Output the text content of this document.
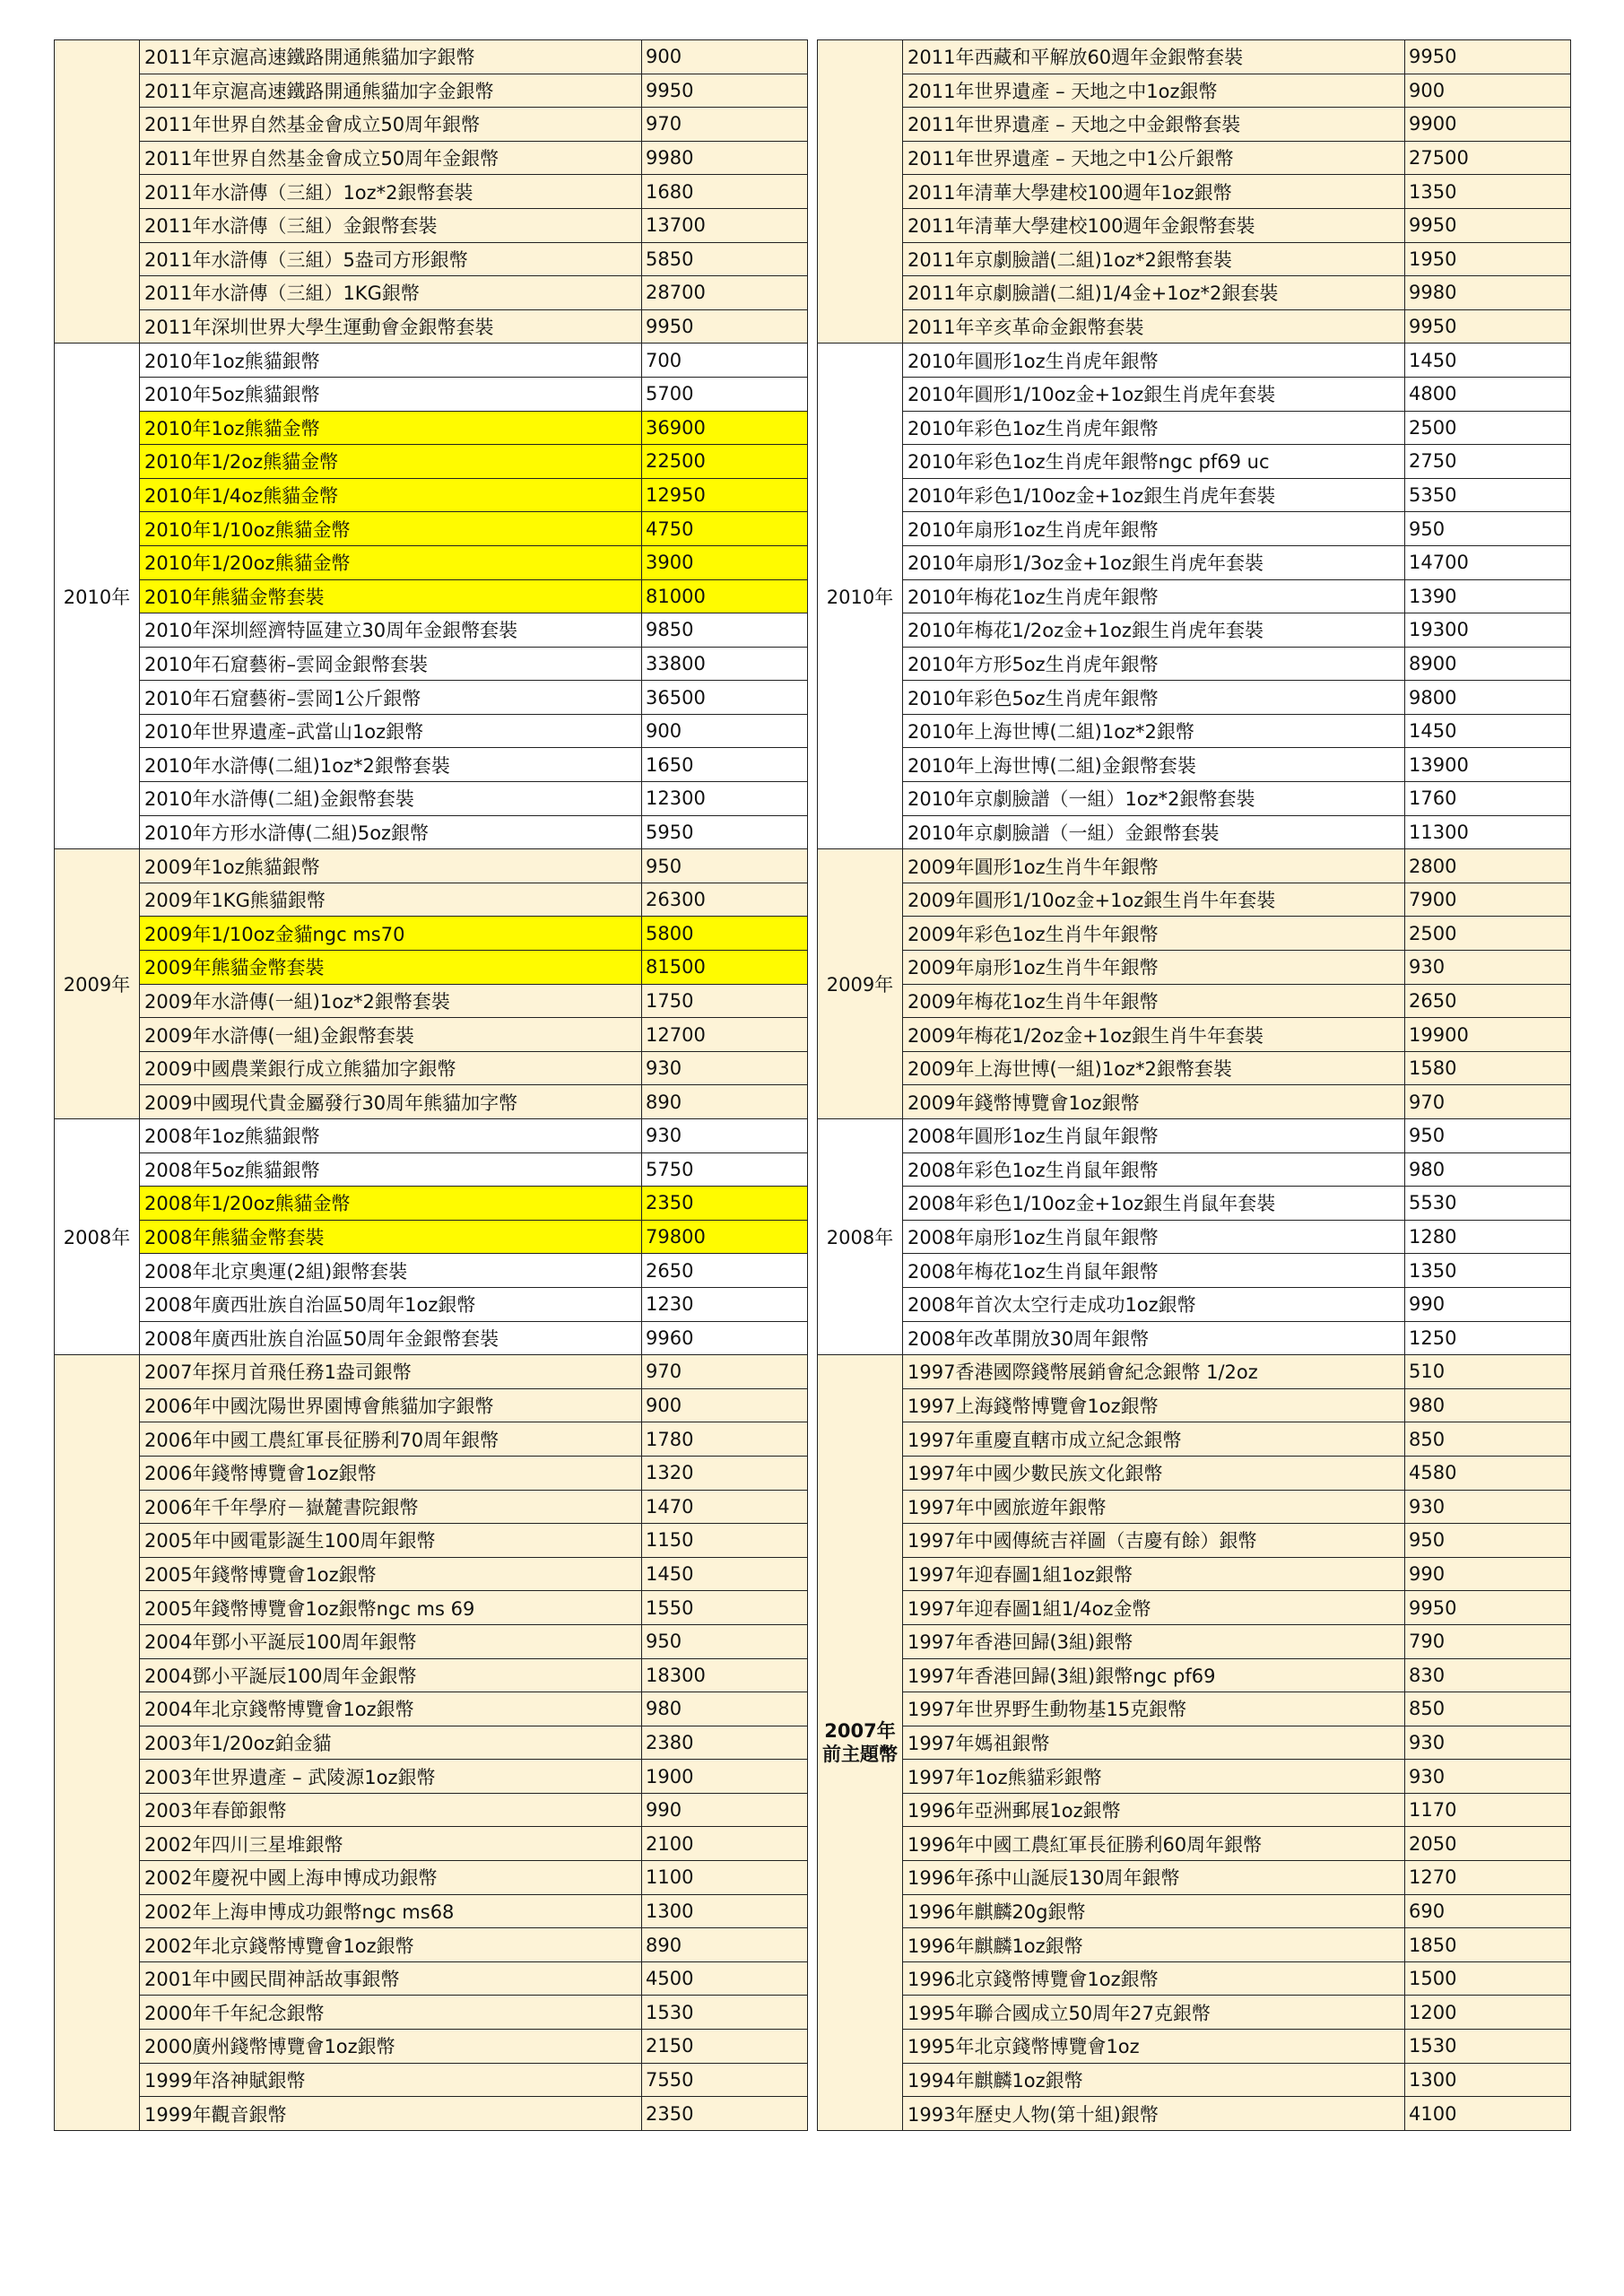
	2011年京滬高速鐵路開通熊貓加字銀幣	900
	2011年京滬高速鐵路開通熊貓加字金銀幣	9950
	2011年世界自然基金會成立50周年銀幣	970
	2011年世界自然基金會成立50周年金銀幣	9980
	2011年水滸傳（三組）1oz*2銀幣套裝	1680
	2011年水滸傳（三組）金銀幣套裝	13700
	2011年水滸傳（三組）5盎司方形銀幣	5850
	2011年水滸傳（三組）1KG銀幣	28700
	2011年深圳世界大學生運動會金銀幣套裝	9950

2010年	2010年1oz熊貓銀幣	700
	2010年5oz熊貓銀幣	5700
	2010年1oz熊貓金幣	36900
	2010年1/2oz熊貓金幣	22500
	2010年1/4oz熊貓金幣	12950
	2010年1/10oz熊貓金幣	4750
	2010年1/20oz熊貓金幣	3900
	2010年熊貓金幣套裝	81000
	2010年深圳經濟特區建立30周年金銀幣套裝	9850
	2010年石窟藝術–雲岡金銀幣套裝	33800
	2010年石窟藝術–雲岡1公斤銀幣	36500
	2010年世界遺產–武當山1oz銀幣	900
	2010年水滸傳(二組)1oz*2銀幣套裝	1650
	2010年水滸傳(二組)金銀幣套裝	12300
	2010年方形水滸傳(二組)5oz銀幣	5950

2009年	2009年1oz熊貓銀幣	950
	2009年1KG熊貓銀幣	26300
	2009年1/10oz金貓ngc ms70	5800
	2009年熊貓金幣套裝	81500
	2009年水滸傳(一組)1oz*2銀幣套裝	1750
	2009年水滸傳(一組)金銀幣套裝	12700
	2009中國農業銀行成立熊貓加字銀幣	930
	2009中國現代貴金屬發行30周年熊貓加字幣	890

2008年	2008年1oz熊貓銀幣	930
	2008年5oz熊貓銀幣	5750
	2008年1/20oz熊貓金幣	2350
	2008年熊貓金幣套裝	79800
	2008年北京奧運(2組)銀幣套裝	2650
	2008年廣西壯族自治區50周年1oz銀幣	1230
	2008年廣西壯族自治區50周年金銀幣套裝	9960
	2007年探月首飛任務1盎司銀幣	970
	2006年中國沈陽世界園博會熊貓加字銀幣	900
	2006年中國工農紅軍長征勝利70周年銀幣	1780
	2006年錢幣博覽會1oz銀幣	1320
	2006年千年學府－嶽麓書院銀幣	1470
	2005年中國電影誕生100周年銀幣	1150
	2005年錢幣博覽會1oz銀幣	1450
	2005年錢幣博覽會1oz銀幣ngc ms 69	1550
	2004年鄧小平誕辰100周年銀幣	950
	2004鄧小平誕辰100周年金銀幣	18300
	2004年北京錢幣博覽會1oz銀幣	980
	2003年1/20oz鉑金貓	2380
	2003年世界遺產 – 武陵源1oz銀幣	1900
	2003年春節銀幣	990
	2002年四川三星堆銀幣	2100
	2002年慶祝中國上海申博成功銀幣	1100
	2002年上海申博成功銀幣ngc ms68	1300
	2002年北京錢幣博覽會1oz銀幣	890
	2001年中國民間神話故事銀幣	4500
	2000年千年紀念銀幣	1530
	2000廣州錢幣博覽會1oz銀幣	2150
	1999年洛神賦銀幣	7550
	1999年觀音銀幣	2350
	2011年西藏和平解放60週年金銀幣套裝	9950
	2011年世界遺產 – 天地之中1oz銀幣	900
	2011年世界遺產 – 天地之中金銀幣套裝	9900
	2011年世界遺產 – 天地之中1公斤銀幣	27500
	2011年清華大學建校100週年1oz銀幣	1350
	2011年清華大學建校100週年金銀幣套裝	9950
	2011年京劇臉譜(二組)1oz*2銀幣套裝	1950
	2011年京劇臉譜(二組)1/4金+1oz*2銀套裝	9980
	2011年辛亥革命金銀幣套裝	9950

2010年	2010年圓形1oz生肖虎年銀幣	1450
	2010年圓形1/10oz金+1oz銀生肖虎年套裝	4800
	2010年彩色1oz生肖虎年銀幣	2500
	2010年彩色1oz生肖虎年銀幣ngc pf69 uc	2750
	2010年彩色1/10oz金+1oz銀生肖虎年套裝	5350
	2010年扇形1oz生肖虎年銀幣	950
	2010年扇形1/3oz金+1oz銀生肖虎年套裝	14700
	2010年梅花1oz生肖虎年銀幣	1390
	2010年梅花1/2oz金+1oz銀生肖虎年套裝	19300
	2010年方形5oz生肖虎年銀幣	8900
	2010年彩色5oz生肖虎年銀幣	9800
	2010年上海世博(二組)1oz*2銀幣	1450
	2010年上海世博(二組)金銀幣套裝	13900
	2010年京劇臉譜（一組）1oz*2銀幣套裝	1760
	2010年京劇臉譜（一組）金銀幣套裝	11300

2009年	2009年圓形1oz生肖牛年銀幣	2800
	2009年圓形1/10oz金+1oz銀生肖牛年套裝	7900
	2009年彩色1oz生肖牛年銀幣	2500
	2009年扇形1oz生肖牛年銀幣	930
	2009年梅花1oz生肖牛年銀幣	2650
	2009年梅花1/2oz金+1oz銀生肖牛年套裝	19900
	2009年上海世博(一組)1oz*2銀幣套裝	1580
	2009年錢幣博覽會1oz銀幣	970

2008年	2008年圓形1oz生肖鼠年銀幣	950
	2008年彩色1oz生肖鼠年銀幣	980
	2008年彩色1/10oz金+1oz銀生肖鼠年套裝	5530
	2008年扇形1oz生肖鼠年銀幣	1280
	2008年梅花1oz生肖鼠年銀幣	1350
	2008年首次太空行走成功1oz銀幣	990
	2008年改革開放30周年銀幣	1250

2007年
前主題幣	1997香港國際錢幣展銷會紀念銀幣 1/2oz	510
	1997上海錢幣博覽會1oz銀幣	980
	1997年重慶直轄市成立紀念銀幣	850
	1997年中國少數民族文化銀幣	4580
	1997年中國旅遊年銀幣	930
	1997年中國傳統吉祥圖（吉慶有餘）銀幣	950
	1997年迎春圖1組1oz銀幣	990
	1997年迎春圖1組1/4oz金幣	9950
	1997年香港回歸(3組)銀幣	790
	1997年香港回歸(3組)銀幣ngc pf69	830
	1997年世界野生動物基15克銀幣	850
	1997年媽祖銀幣	930
	1997年1oz熊貓彩銀幣	930
	1996年亞洲郵展1oz銀幣	1170
	1996年中國工農紅軍長征勝利60周年銀幣	2050
	1996年孫中山誕辰130周年銀幣	1270
	1996年麒麟20g銀幣	690
	1996年麒麟1oz銀幣	1850
	1996北京錢幣博覽會1oz銀幣	1500
	1995年聯合國成立50周年27克銀幣	1200
	1995年北京錢幣博覽會1oz	1530
	1994年麒麟1oz銀幣	1300
	1993年歷史人物(第十組)銀幣	4100
